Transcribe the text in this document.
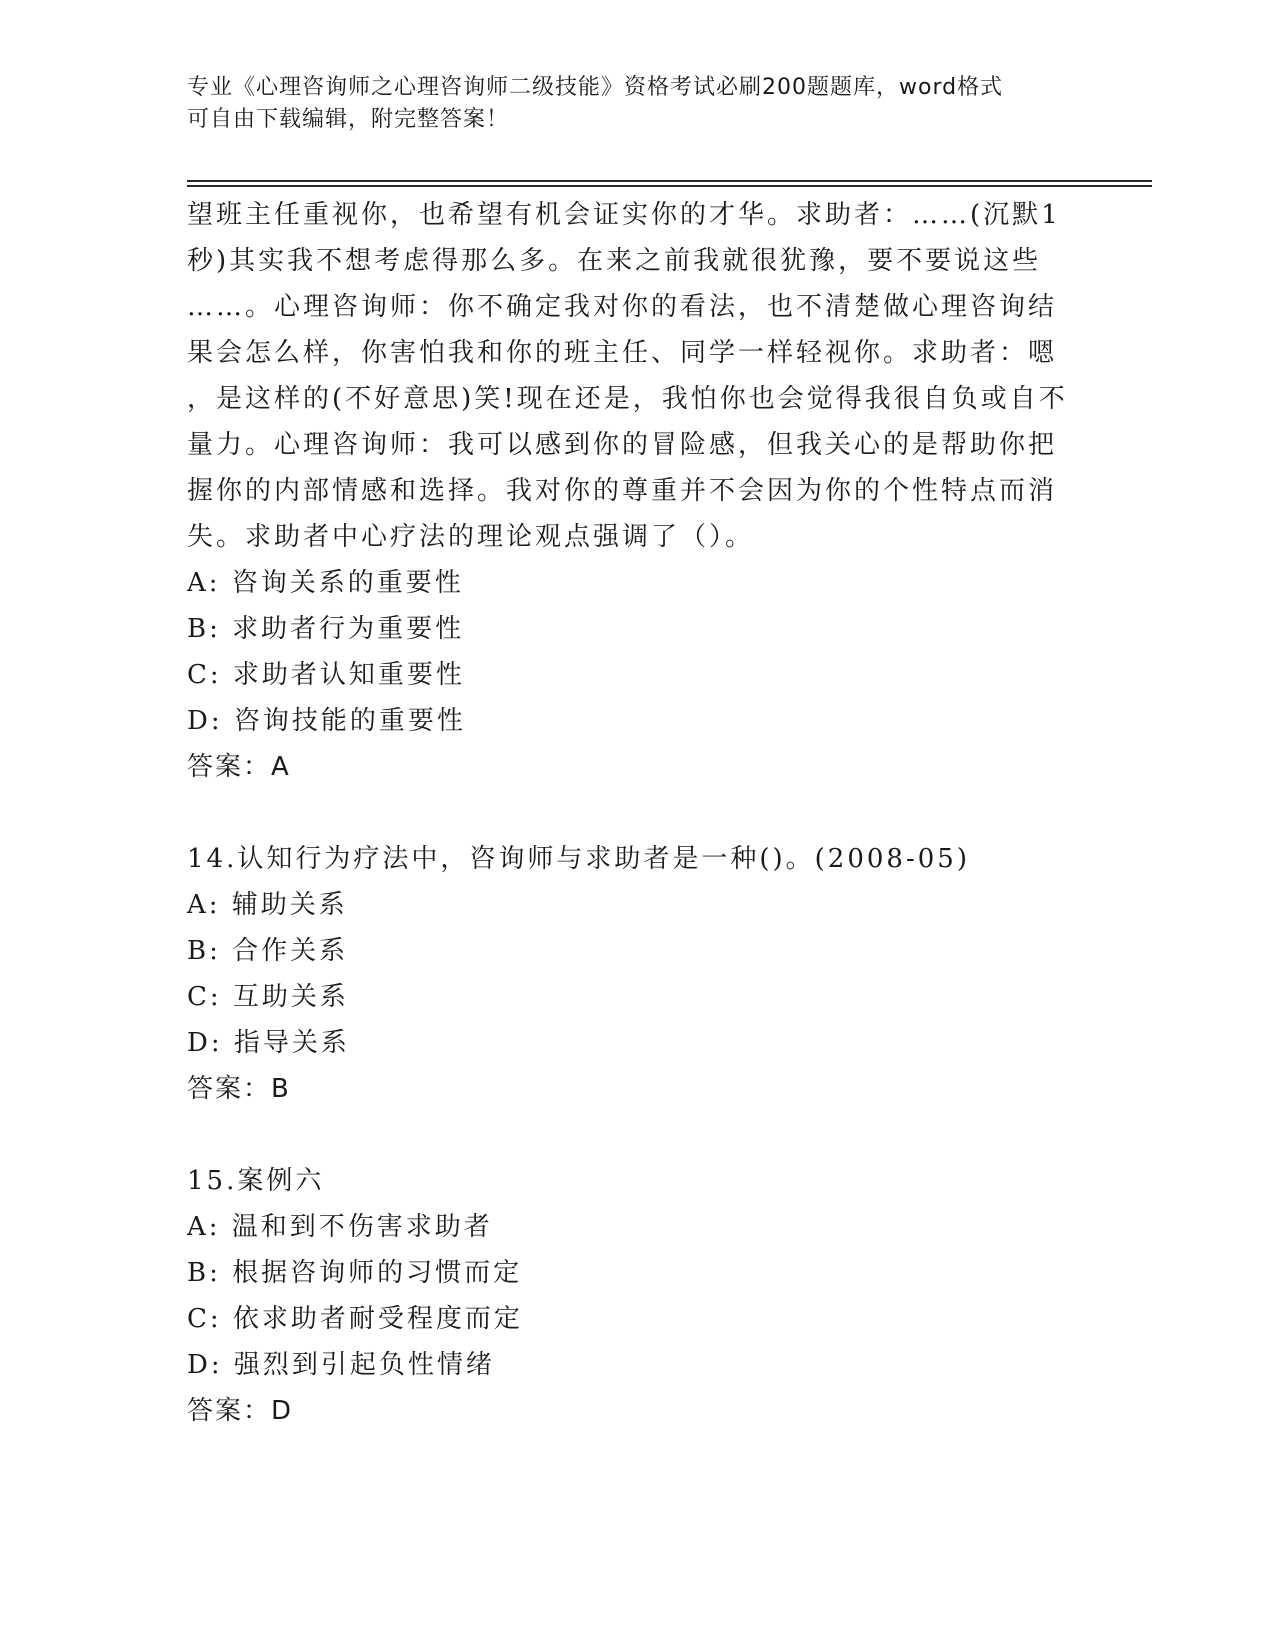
专业《心理咨询师之心理咨询师二级技能》资格考试必刷200题题库，word格式
可自由下载编辑，附完整答案！
望班主任重视你，也希望有机会证实你的才华。求助者：……(沉默1
秒)其实我不想考虑得那么多。在来之前我就很犹豫，要不要说这些
……。心理咨询师：你不确定我对你的看法，也不清楚做心理咨询结
果会怎么样，你害怕我和你的班主任、同学一样轻视你。求助者：嗯
，是这样的(不好意思)笑!现在还是，我怕你也会觉得我很自负或自不
量力。心理咨询师：我可以感到你的冒险感，但我关心的是帮助你把
握你的内部情感和选择。我对你的尊重并不会因为你的个性特点而消
失。求助者中心疗法的理论观点强调了（）。
A: 咨询关系的重要性
B: 求助者行为重要性
C: 求助者认知重要性
D: 咨询技能的重要性
答案：A
14.认知行为疗法中，咨询师与求助者是一种()。(2008-05)
A: 辅助关系
B: 合作关系
C: 互助关系
D: 指导关系
答案：B
15.案例六
A: 温和到不伤害求助者
B: 根据咨询师的习惯而定
C: 依求助者耐受程度而定
D: 强烈到引起负性情绪
答案：D
